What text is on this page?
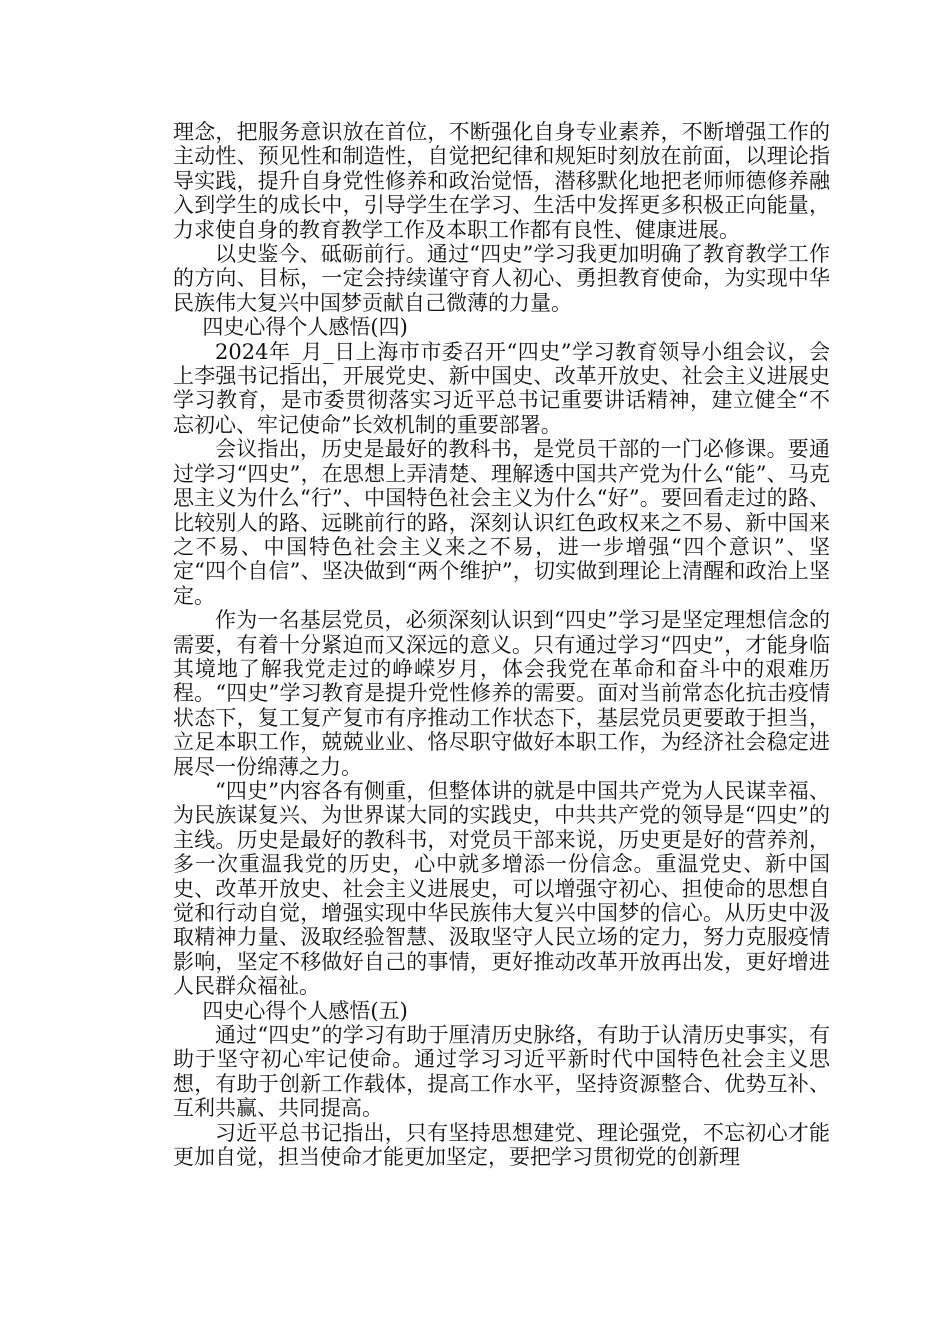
理念，把服务意识放在首位，不断强化自身专业素养，不断增强工作的主动性、预见性和制造性，自觉把纪律和规矩时刻放在前面，以理论指导实践，提升自身党性修养和政治觉悟，潜移默化地把老师师德修养融入到学生的成长中，引导学生在学习、生活中发挥更多积极正向能量，力求使自身的教育教学工作及本职工作都有良性、健康进展。

以史鉴今、砥砺前行。通过“四史”学习我更加明确了教育教学工作的方向、目标，一定会持续谨守育人初心、勇担教育使命，为实现中华民族伟大复兴中国梦贡献自己微薄的力量。

四史心得个人感悟(四)

2024年_月_日上海市市委召开“四史”学习教育领导小组会议，会上李强书记指出，开展党史、新中国史、改革开放史、社会主义进展史学习教育，是市委贯彻落实习近平总书记重要讲话精神，建立健全“不忘初心、牢记使命”长效机制的重要部署。

会议指出，历史是最好的教科书，是党员干部的一门必修课。要通过学习“四史”，在思想上弄清楚、理解透中国共产党为什么“能”、马克思主义为什么“行”、中国特色社会主义为什么“好”。要回看走过的路、比较别人的路、远眺前行的路，深刻认识红色政权来之不易、新中国来之不易、中国特色社会主义来之不易，进一步增强“四个意识”、坚定“四个自信”、坚决做到“两个维护”，切实做到理论上清醒和政治上坚定。

作为一名基层党员，必须深刻认识到“四史”学习是坚定理想信念的需要，有着十分紧迫而又深远的意义。只有通过学习“四史”，才能身临其境地了解我党走过的峥嵘岁月，体会我党在革命和奋斗中的艰难历程。“四史”学习教育是提升党性修养的需要。面对当前常态化抗击疫情状态下，复工复产复市有序推动工作状态下，基层党员更要敢于担当，立足本职工作，兢兢业业、恪尽职守做好本职工作，为经济社会稳定进展尽一份绵薄之力。

“四史”内容各有侧重，但整体讲的就是中国共产党为人民谋幸福、为民族谋复兴、为世界谋大同的实践史，中共共产党的领导是“四史”的主线。历史是最好的教科书，对党员干部来说，历史更是好的营养剂，多一次重温我党的历史，心中就多增添一份信念。重温党史、新中国史、改革开放史、社会主义进展史，可以增强守初心、担使命的思想自觉和行动自觉，增强实现中华民族伟大复兴中国梦的信心。从历史中汲取精神力量、汲取经验智慧、汲取坚守人民立场的定力，努力克服疫情影响，坚定不移做好自己的事情，更好推动改革开放再出发，更好增进人民群众福祉。

四史心得个人感悟(五)

通过“四史”的学习有助于厘清历史脉络，有助于认清历史事实，有助于坚守初心牢记使命。通过学习习近平新时代中国特色社会主义思想，有助于创新工作载体，提高工作水平，坚持资源整合、优势互补、互利共赢、共同提高。

习近平总书记指出，只有坚持思想建党、理论强党，不忘初心才能更加自觉，担当使命才能更加坚定，要把学习贯彻党的创新理
